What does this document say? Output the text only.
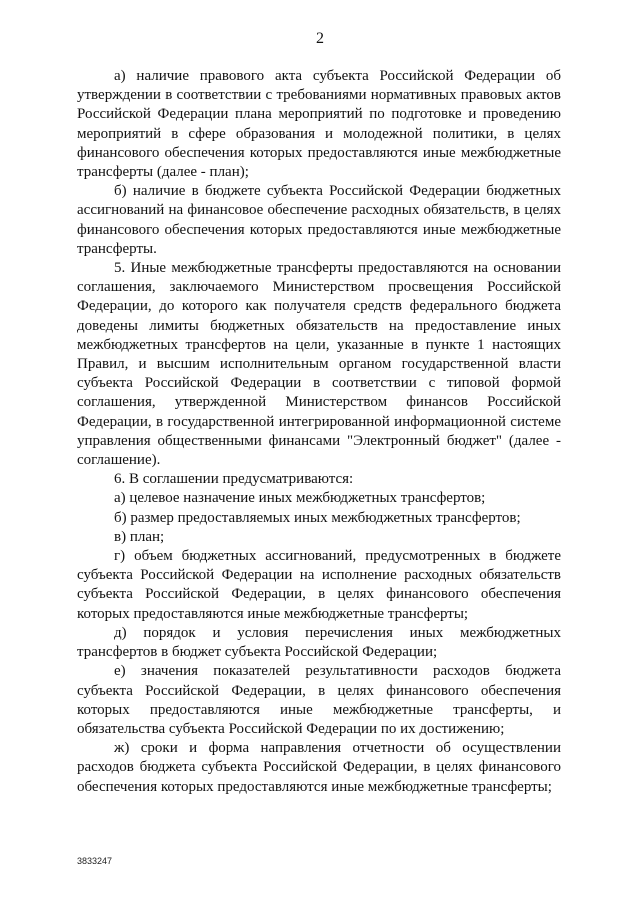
2

а) наличие правового акта субъекта Российской Федерации об утверждении в соответствии с требованиями нормативных правовых актов Российской Федерации плана мероприятий по подготовке и проведению мероприятий в сфере образования и молодежной политики, в целях финансового обеспечения которых предоставляются иные межбюджетные трансферты (далее - план);

б) наличие в бюджете субъекта Российской Федерации бюджетных ассигнований на финансовое обеспечение расходных обязательств, в целях финансового обеспечения которых предоставляются иные межбюджетные трансферты.

5. Иные межбюджетные трансферты предоставляются на основании соглашения, заключаемого Министерством просвещения Российской Федерации, до которого как получателя средств федерального бюджета доведены лимиты бюджетных обязательств на предоставление иных межбюджетных трансфертов на цели, указанные в пункте 1 настоящих Правил, и высшим исполнительным органом государственной власти субъекта Российской Федерации в соответствии с типовой формой соглашения, утвержденной Министерством финансов Российской Федерации, в государственной интегрированной информационной системе управления общественными финансами "Электронный бюджет" (далее - соглашение).

6. В соглашении предусматриваются:

а) целевое назначение иных межбюджетных трансфертов;

б) размер предоставляемых иных межбюджетных трансфертов;

в) план;

г) объем бюджетных ассигнований, предусмотренных в бюджете субъекта Российской Федерации на исполнение расходных обязательств субъекта Российской Федерации, в целях финансового обеспечения которых предоставляются иные межбюджетные трансферты;

д) порядок и условия перечисления иных межбюджетных трансфертов в бюджет субъекта Российской Федерации;

е) значения показателей результативности расходов бюджета субъекта Российской Федерации, в целях финансового обеспечения которых предоставляются иные межбюджетные трансферты, и обязательства субъекта Российской Федерации по их достижению;

ж) сроки и форма направления отчетности об осуществлении расходов бюджета субъекта Российской Федерации, в целях финансового обеспечения которых предоставляются иные межбюджетные трансферты;

3833247
